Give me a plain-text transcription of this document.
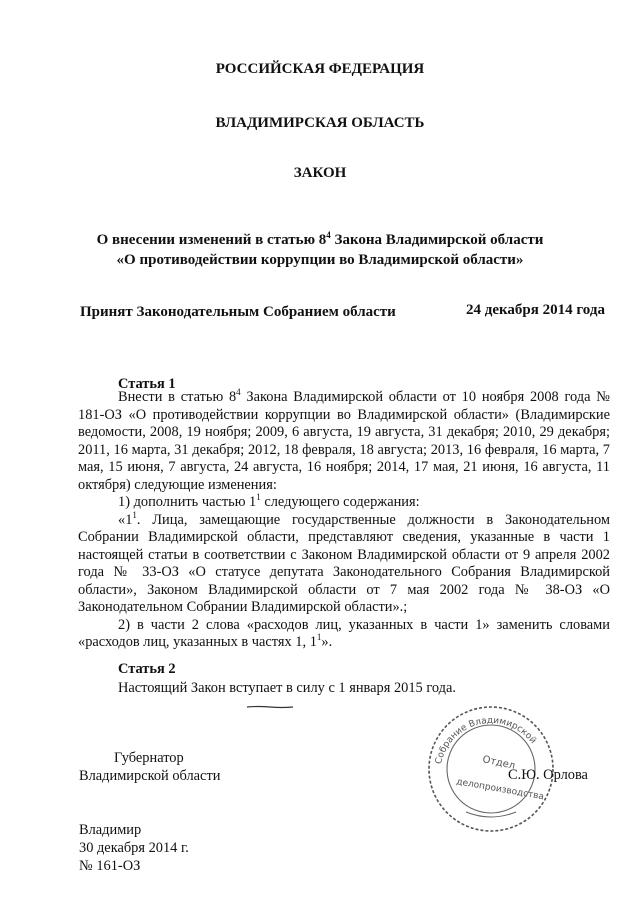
РОССИЙСКАЯ ФЕДЕРАЦИЯ
ВЛАДИМИРСКАЯ ОБЛАСТЬ
ЗАКОН
О внесении изменений в статью $8^4$ Закона Владимирской области
«О противодействии коррупции во Владимирской области»
Принят Законодательным Собранием области	24 декабря 2014 года
Статья 1

Внести в статью $8^4$ Закона Владимирской области от 10 ноября 2008 года № 181-ОЗ «О противодействии коррупции во Владимирской области» (Владимирские ведомости, 2008, 19 ноября; 2009, 6 августа, 19 августа, 31 декабря; 2010, 29 декабря; 2011, 16 марта, 31 декабря; 2012, 18 февраля, 18 августа; 2013, 16 февраля, 16 марта, 7 мая, 15 июня, 7 августа, 24 августа, 16 ноября; 2014, 17 мая, 21 июня, 16 августа, 11 октября) следующие изменения:

1) дополнить частью $1^1$ следующего содержания:

«$1^1$. Лица, замещающие государственные должности в Законодательном Собрании Владимирской области, представляют сведения, указанные в части 1 настоящей статьи в соответствии с Законом Владимирской области от 9 апреля 2002 года № 33-ОЗ «О статусе депутата Законодательного Собрания Владимирской области», Законом Владимирской области от 7 мая 2002 года № 38-ОЗ «О Законодательном Собрании Владимирской области».;

2) в части 2 слова «расходов лиц, указанных в части 1» заменить словами «расходов лиц, указанных в частях 1, $1^1$».

Статья 2
Настоящий Закон вступает в силу с 1 января 2015 года.
Губернатор
Владимирской области
Собрание Владимирской
Отдел
делопроизводства
С.Ю. Орлова
Владимир
30 декабря 2014 г.
№ 161-ОЗ
